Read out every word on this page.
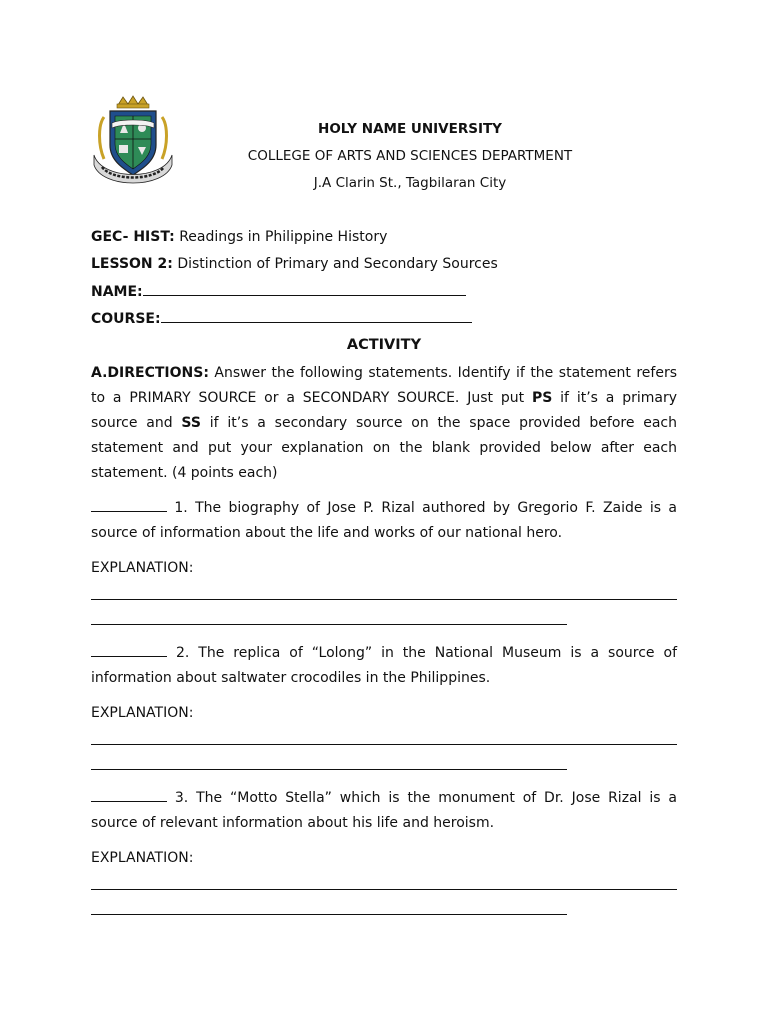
HOLY NAME UNIVERSITY
COLLEGE OF ARTS AND SCIENCES DEPARTMENT
J.A Clarin St., Tagbilaran City
GEC- HIST: Readings in Philippine History
LESSON 2: Distinction of Primary and Secondary Sources
NAME:
COURSE:
ACTIVITY

A.DIRECTIONS: Answer the following statements. Identify if the statement refers to a PRIMARY SOURCE or a SECONDARY SOURCE. Just put PS if it’s a primary source and SS if it’s a secondary source on the space provided before each statement and put your explanation on the blank provided below after each statement. (4 points each)

1. The biography of Jose P. Rizal authored by Gregorio F. Zaide is a source of information about the life and works of our national hero.

EXPLANATION:

2. The replica of “Lolong” in the National Museum is a source of information about saltwater crocodiles in the Philippines.

EXPLANATION:

3. The “Motto Stella” which is the monument of Dr. Jose Rizal is a source of relevant information about his life and heroism.

EXPLANATION:
